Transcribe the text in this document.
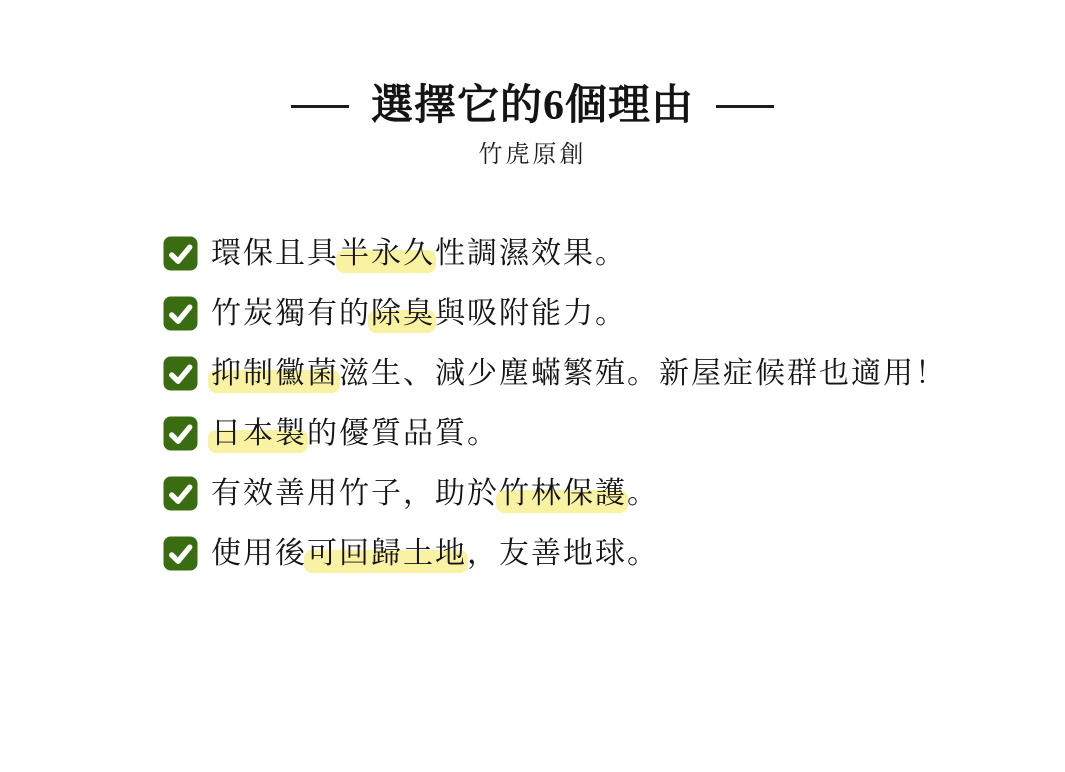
選擇它的6個理由
竹虎原創
環保且具半永久性調濕效果。
竹炭獨有的除臭與吸附能力。
抑制黴菌滋生、減少塵蟎繁殖。新屋症候群也適用！
日本製的優質品質。
有效善用竹子，助於竹林保護。
使用後可回歸土地，友善地球。
